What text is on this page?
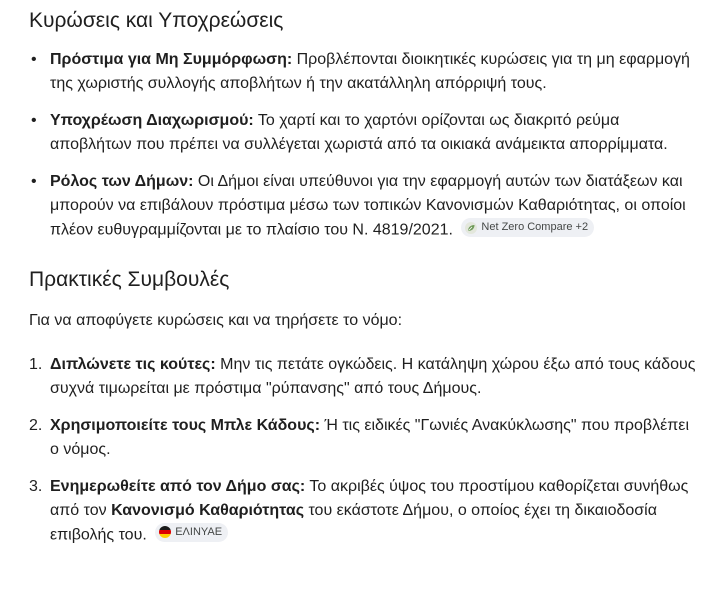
Κυρώσεις και Υποχρεώσεις
• Πρόστιμα για Μη Συμμόρφωση: Προβλέπονται διοικητικές κυρώσεις για τη μη εφαρμογή της χωριστής συλλογής αποβλήτων ή την ακατάλληλη απόρριψή τους.
• Υποχρέωση Διαχωρισμού: Το χαρτί και το χαρτόνι ορίζονται ως διακριτό ρεύμα αποβλήτων που πρέπει να συλλέγεται χωριστά από τα οικιακά ανάμεικτα απορρίμματα.
• Ρόλος των Δήμων: Οι Δήμοι είναι υπεύθυνοι για την εφαρμογή αυτών των διατάξεων και μπορούν να επιβάλουν πρόστιμα μέσω των τοπικών Κανονισμών Καθαριότητας, οι οποίοι πλέον ευθυγραμμίζονται με το πλαίσιο του Ν. 4819/2021.	Net Zero Compare +2
Πρακτικές Συμβουλές

Για να αποφύγετε κυρώσεις και να τηρήσετε το νόμο:

1. Διπλώνετε τις κούτες: Μην τις πετάτε ογκώδεις. Η κατάληψη χώρου έξω από τους κάδους συχνά τιμωρείται με πρόστιμα "ρύπανσης" από τους Δήμους.
2. Χρησιμοποιείτε τους Μπλε Κάδους: Ή τις ειδικές "Γωνιές Ανακύκλωσης" που προβλέπει ο νόμος.
3. Ενημερωθείτε από τον Δήμο σας: Το ακριβές ύψος του προστίμου καθορίζεται συνήθως από τον Κανονισμό Καθαριότητας του εκάστοτε Δήμου, ο οποίος έχει τη δικαιοδοσία επιβολής του.	ΕΛΙΝΥΑΕ
